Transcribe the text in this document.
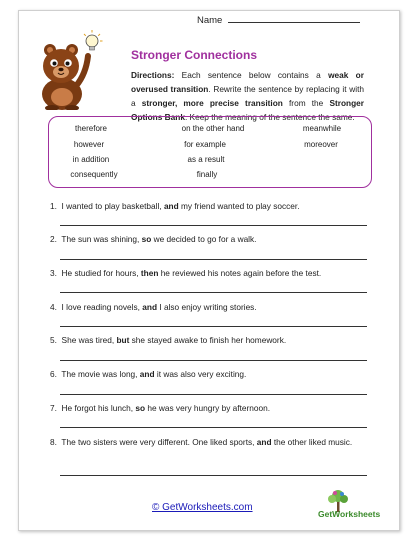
Name
Stronger Connections
Directions: Each sentence below contains a weak or overused transition. Rewrite the sentence by replacing it with a stronger, more precise transition from the Stronger Options Bank. Keep the meaning of the sentence the same.
therefore	on the other hand	meanwhile
however	for example	moreover
in addition	as a result
consequently	finally
1. I wanted to play basketball, and my friend wanted to play soccer.
2. The sun was shining, so we decided to go for a walk.
3. He studied for hours, then he reviewed his notes again before the test.
4. I love reading novels, and I also enjoy writing stories.
5. She was tired, but she stayed awake to finish her homework.
6. The movie was long, and it was also very exciting.
7. He forgot his lunch, so he was very hungry by afternoon.
8. The two sisters were very different. One liked sports, and the other liked music.
© GetWorksheets.com
GetWorksheets
